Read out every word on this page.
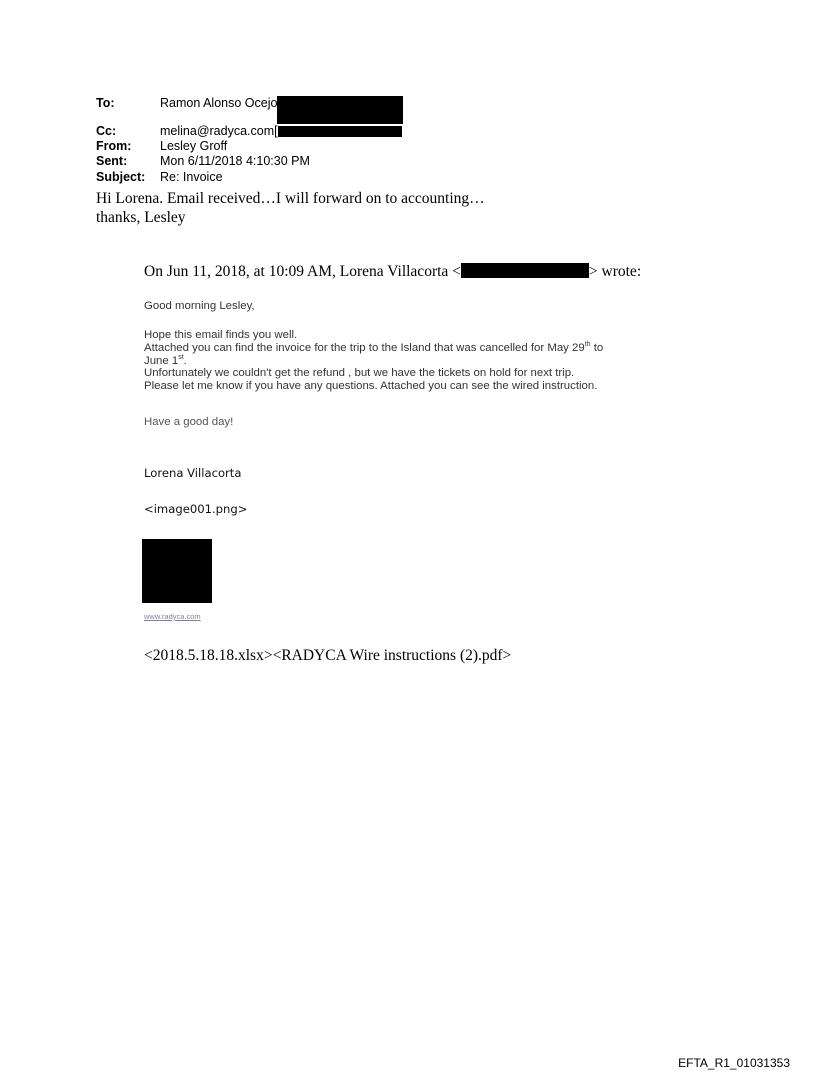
To:	Ramon Alonso Ocejo
Cc:	melina@radyca.com[
From:	Lesley Groff
Sent:	Mon 6/11/2018 4:10:30 PM
Subject:	Re: Invoice
Hi Lorena. Email received…I will forward on to accounting…
thanks, Lesley
On Jun 11, 2018, at 10:09 AM, Lorena Villacorta <	> wrote:
Good morning Lesley,
Hope this email finds you well.
Attached you can find the invoice for the trip to the Island that was cancelled for May 29th to
June 1st.
Unfortunately we couldn't get the refund , but we have the tickets on hold for next trip.
Please let me know if you have any questions. Attached you can see the wired instruction.
Have a good day!
Lorena Villacorta
<image001.png>
www.radyca.com
<2018.5.18.18.xlsx><RADYCA Wire instructions (2).pdf>
EFTA_R1_01031353
